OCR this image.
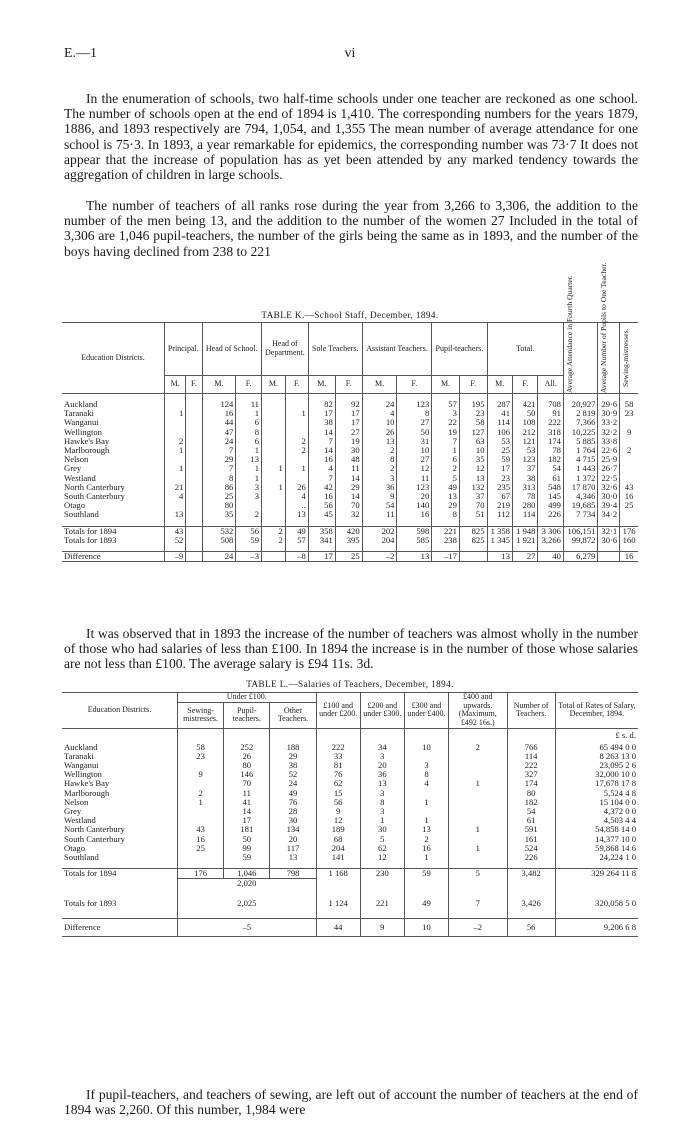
E.—1	vi

In the enumeration of schools, two half-time schools under one teacher are reckoned as one school. The number of schools open at the end of 1894 is 1,410. The corresponding numbers for the years 1879, 1886, and 1893 respectively are 794, 1,054, and 1,355 The mean number of average attendance for one school is 75·3. In 1893, a year remarkable for epidemics, the corresponding number was 73·7 It does not appear that the increase of population has as yet been attended by any marked tendency towards the aggregation of children in large schools.

The number of teachers of all ranks rose during the year from 3,266 to 3,306, the addition to the number of the men being 13, and the addition to the number of the women 27 Included in the total of 3,306 are 1,046 pupil-teachers, the number of the girls being the same as in 1893, and the number of the boys having declined from 238 to 221

TABLE K.—School Staff, December, 1894.
Education Districts.	Principal.		Head of School.		Head of Department.		Sole Teachers.		Assistant Teachers.		Pupil-teachers.		Total.			Average Attendance in Fourth Quarter.	Average Number of Pupils to One Teacher.	Sewing-mistresses.

	M.	F.	M.	F.	M.	F.	M.	F.	M.	F.	M.	F.	M.	F.	All.			

Auckland			124	11			82	92	24	123	57	195	287	421	708	20,927	29·6	58
Taranaki	1		16	1		1	17	17	4	8	3	23	41	50	91	2 819	30·9	23
Wanganui			44	6			38	17	10	27	22	58	114	108	222	7,366	33·2	
Wellington			47	8			14	27	26	50	19	127	106	212	318	10,225	32·2	9
Hawke's Bay	2		24	6		2	7	19	13	31	7	63	53	121	174	5 885	33·8	
Marlborough	1		7	1		2	14	30	2	10	1	10	25	53	78	1 764	22·6	2
Nelson			29	13			16	48	8	27	6	35	59	123	182	4 715	25·9	
Grey	1		7	1	1	1	4	11	2	12	2	12	17	37	54	1 443	26·7	
Westland			8	1			7	14	3	11	5	13	23	38	61	1 372	22·5	
North Canterbury	21		86	3	1	26	42	29	36	123	49	132	235	313	548	17 870	32·6	43
South Canterbury	4		25	3		4	16	14	9	20	13	37	67	78	145	4,346	30·0	16
Otago			80			..	56	70	54	140	29	70	219	280	499	19,685	39·4	25
Southland	13		35	2		13	45	32	11	16	8	51	112	114	226	7 734	34·2	

Totals for 1894	43		532	56	2	49	358	420	202	598	221	825	1 358	1 948	3 306	106,151	32·1	176
Totals for 1893	52		508	59	2	57	341	395	204	585	238	825	1 345	1 921	3,266	99,872	30·6	160

Difference	–9		24	–3		–8	17	25	–2	13	–17		13	27	40	6,279		16

It was observed that in 1893 the increase of the number of teachers was almost wholly in the number of those who had salaries of less than £100. In 1894 the increase is in the number of those whose salaries are not less than £100. The average salary is £94 11s. 3d.

TABLE L.—Salaries of Teachers, December, 1894.
Education Districts.	Under £100.			£100 and under £200.	£200 and under £300.	£300 and under £400.	£400 and upwards. (Maximum, £492 16s.)	Number of Teachers.	Total of Rates of Salary, December, 1894.
	Sewing-mistresses.	Pupil-teachers.	Other Teachers.						
									£ s. d.
Auckland	58	252	188	222	34	10	2	766	65 494 0 0
Taranaki	23	26	29	33	3			114	8 263 13 0
Wanganui		80	38	81	20	3		222	23,095 2 6
Wellington	9	146	52	76	36	8		327	32,000 10 0
Hawke's Bay		70	24	62	13	4	1	174	17,678 17 8
Marlborough	2	11	49	15	3			80	5,524 4 8
Nelson	1	41	76	56	8	1		182	15 104 0 0
Grey		14	28	9	3			54	4,372 0 0
Westland		17	30	12	1	1		61	4,503 4 4
North Canterbury	43	181	134	189	30	13	1	591	54,858 14 0
South Canterbury	16	50	20	68	5	2		161	14,377 10 0
Otago	25	99	117	204	62	16	1	524	59,868 14 6
Southland		59	13	141	12	1		226	24,224 1 0

Totals for 1894	176	1,046	798	1 168	230	59	5	3,482	329 264 11 8
	2,020								
Totals for 1893	2,025			1 124	221	49	7	3,426	320,058 5 0
Difference	–5			44	9	10	–2	56	9,206 6 8

If pupil-teachers, and teachers of sewing, are left out of account the number of teachers at the end of 1894 was 2,260. Of this number, 1,984 were
